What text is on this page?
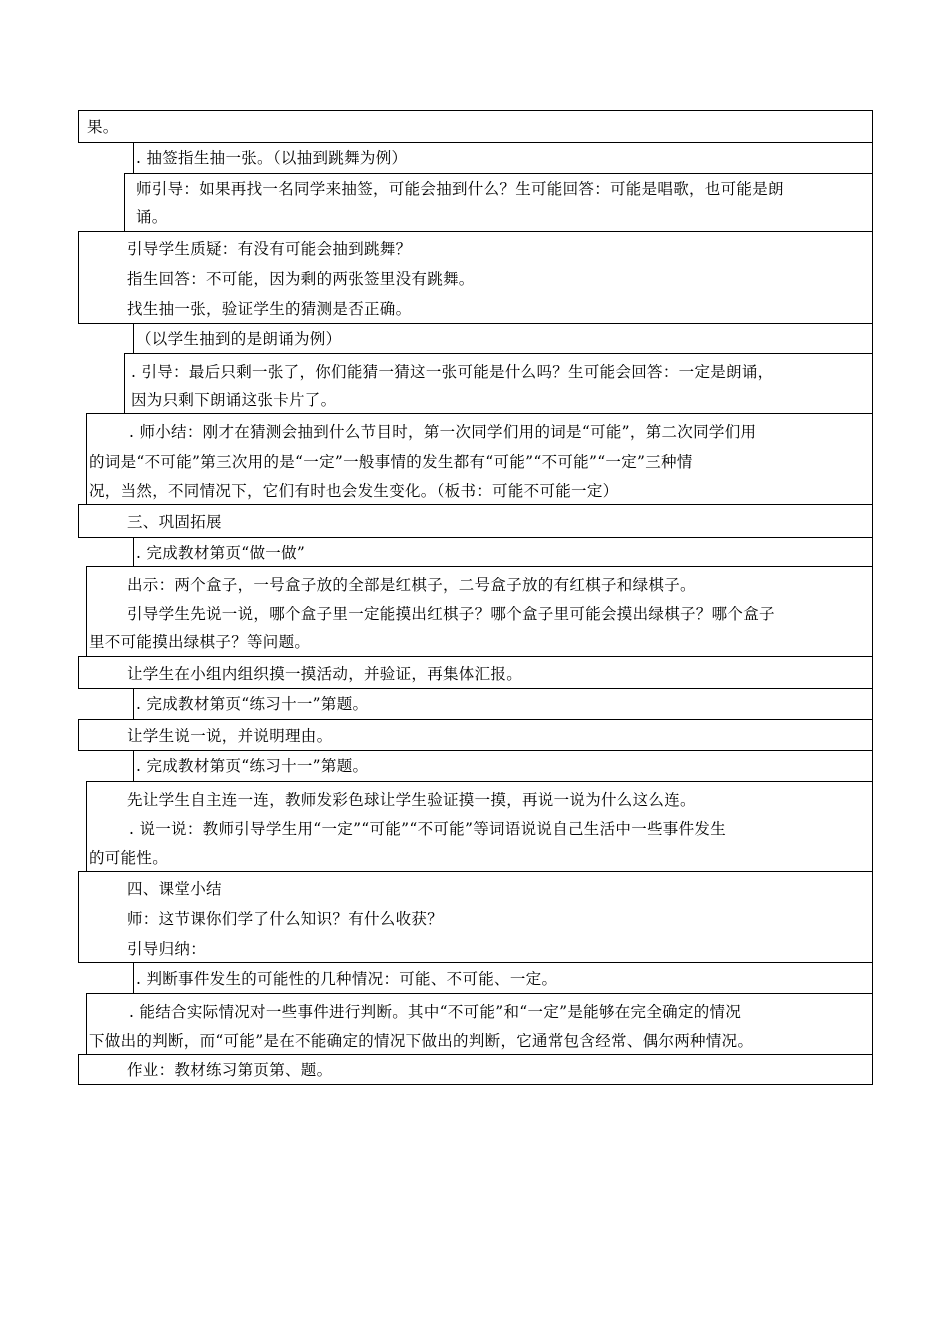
果。
. 抽签指生抽一张。（以抽到跳舞为例）
师引导：如果再找一名同学来抽签，可能会抽到什么？生可能回答：可能是唱歌，也可能是朗
诵。
引导学生质疑：有没有可能会抽到跳舞？
指生回答：不可能，因为剩的两张签里没有跳舞。
找生抽一张，验证学生的猜测是否正确。
（以学生抽到的是朗诵为例）
. 引导：最后只剩一张了，你们能猜一猜这一张可能是什么吗？生可能会回答：一定是朗诵，
因为只剩下朗诵这张卡片了。
. 师小结：刚才在猜测会抽到什么节目时，第一次同学们用的词是“可能”，第二次同学们用
的词是“不可能”第三次用的是“一定”一般事情的发生都有“可能”“不可能”“一定”三种情
况，当然，不同情况下，它们有时也会发生变化。（板书：可能不可能一定）
三、巩固拓展
. 完成教材第页“做一做”
出示：两个盒子，一号盒子放的全部是红棋子，二号盒子放的有红棋子和绿棋子。
引导学生先说一说，哪个盒子里一定能摸出红棋子？哪个盒子里可能会摸出绿棋子？哪个盒子
里不可能摸出绿棋子？等问题。
让学生在小组内组织摸一摸活动，并验证，再集体汇报。
. 完成教材第页“练习十一”第题。
让学生说一说，并说明理由。
. 完成教材第页“练习十一”第题。
先让学生自主连一连，教师发彩色球让学生验证摸一摸，再说一说为什么这么连。
. 说一说：教师引导学生用“一定”“可能”“不可能”等词语说说自己生活中一些事件发生
的可能性。
四、课堂小结
师：这节课你们学了什么知识？有什么收获？
引导归纳：
. 判断事件发生的可能性的几种情况：可能、不可能、一定。
. 能结合实际情况对一些事件进行判断。其中“不可能”和“一定”是能够在完全确定的情况
下做出的判断，而“可能”是在不能确定的情况下做出的判断，它通常包含经常、偶尔两种情况。
作业：教材练习第页第、题。
